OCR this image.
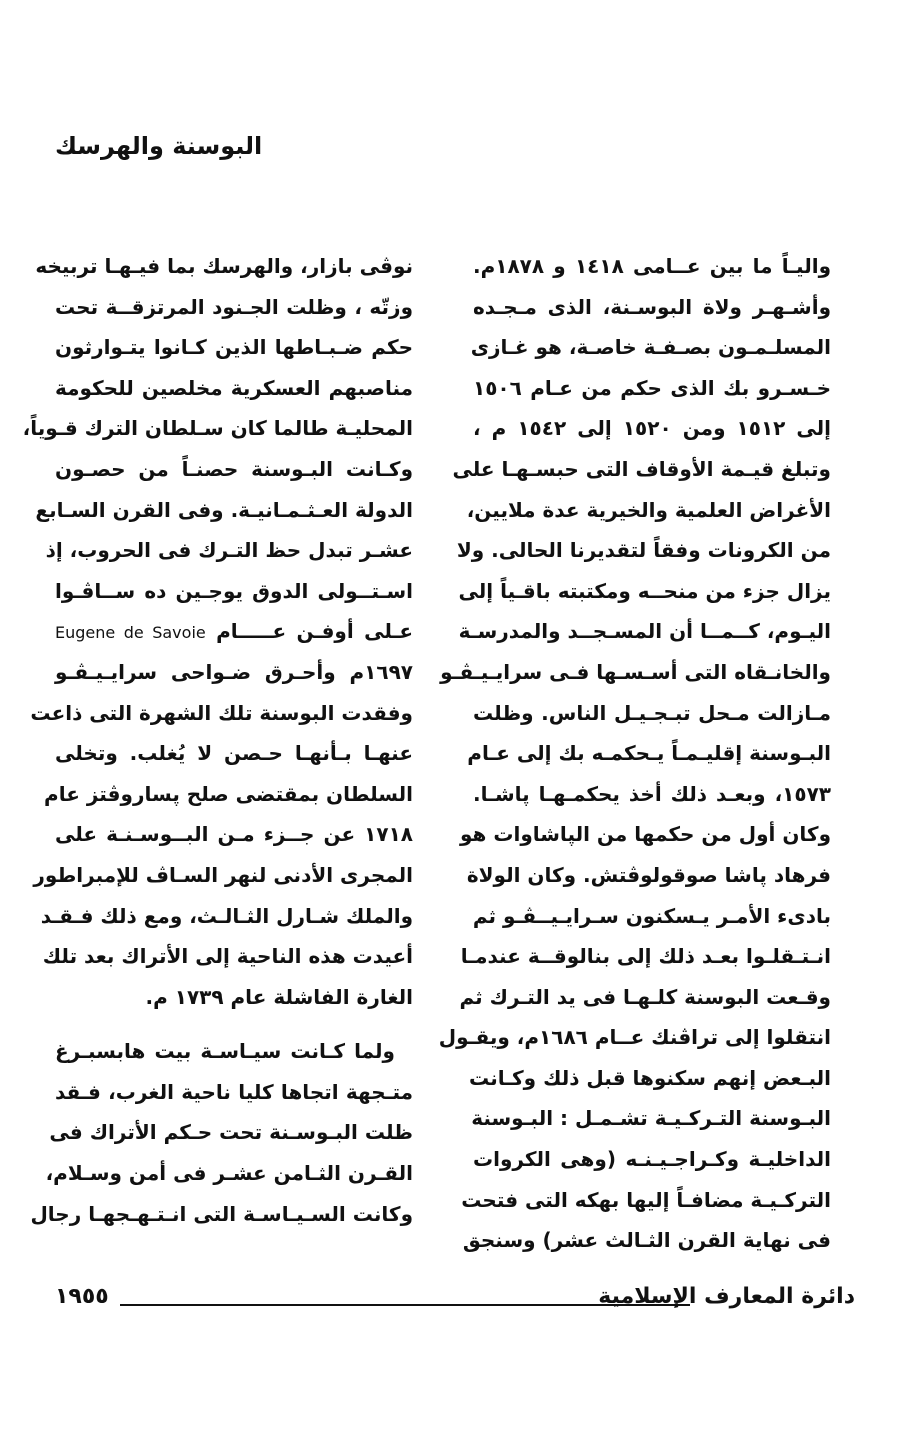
البوسنة والهرسك
واليـاً ما بين عــامى ١٤١٨ و ١٨٧٨م.
وأشـهـر ولاة البوسـنة، الذى مـجـده
المسلـمـون بصـفـة خاصـة، هو غـازى
خـسـرو بك الذى حكم من عـام ١٥٠٦
إلى ١٥١٢ ومن ١٥٢٠ إلى ١٥٤٢ م ،
وتبلغ قيـمة الأوقاف التى حبسـهـا على
الأغراض العلمية والخيرية عدة ملايين،
من الكرونات وفقاً لتقديرنا الحالى. ولا
يزال جزء من منحــه ومكتبته باقـياً إلى
اليـوم، كــمــا أن المسـجــد والمدرسـة
والخانـقاه التى أسـسـها فـى سرايـيـڤـو
مـازالت مـحل تبـجـيـل الناس. وظلت
البـوسنة إقليـمـاً يـحكمـه بك إلى عـام
١٥٧٣، وبعـد ذلك أخذ يحكمـهـا پاشـا.
وكان أول من حكمها من الپاشاوات هو
فرهاد پاشا صوقولوڤتش. وكان الولاة
بادىء الأمـر يـسكنون سـرايـيــڤـو ثم
انـتـقلـوا بعـد ذلك إلى بنالوقــة عندمـا
وقـعت البوسنة كلـهـا فى يد التـرك ثم
انتقلوا إلى تراڤنك عــام ١٦٨٦م، ويقـول
البـعض إنهم سكنوها قبل ذلك وكـانت
البـوسنة التـركـيـة تشـمـل : البـوسنة
الداخليـة وكـراجـيـنـه (وهى الكروات
التركـيـة مضافـاً إليها بهكه التى فتحت
فى نهاية القرن الثـالث عشر) وسنجق
نوڤى بازار، والهرسك بما فيـهـا تربيخه
وزتّه ، وظلت الجـنود المرتزقــة تحت
حكم ضـبـاطها الذين كـانوا يتـوارثون
مناصبهم العسكرية مخلصين للحكومة
المحليـة طالما كان سـلطان الترك قـوياً،
وكـانت البـوسنة حصنـاً من حصـون
الدولة العـثـمـانيـة. وفى القرن السـابع
عشـر تبدل حظ التـرك فى الحروب، إذ
اسـتــولى الدوق يوجـين ده ســاڤـوا
عـلى أوفـن عـــــام Eugene de Savoie
١٦٩٧م وأحـرق ضـواحى سرايـيـڤـو
وفقدت البوسنة تلك الشهرة التى ذاعت
عنهـا بـأنهـا حـصن لا يُغلب. وتخلى
السلطان بمقتضى صلح پساروڤتز عام
١٧١٨ عن جــزء مـن البــوسـنـة على
المجرى الأدنى لنهر السـاڤ للإمبراطور
والملك شـارل الثـالـث، ومع ذلك فـقـد
أعيدت هذه الناحية إلى الأتراك بعد تلك
الغارة الفاشلة عام ١٧٣٩ م.
ولما كـانت سيـاسـة بيت هابسبـرغ
متـجهة اتجاها كليا ناحية الغرب، فـقد
ظلت البـوسـنة تحت حـكم الأتراك فى
القـرن الثـامن عشـر فى أمن وسـلام،
وكانت السـيـاسـة التى انـتـهـجهـا رجال
١٩٥٥	دائرة المعارف الإسلامية
